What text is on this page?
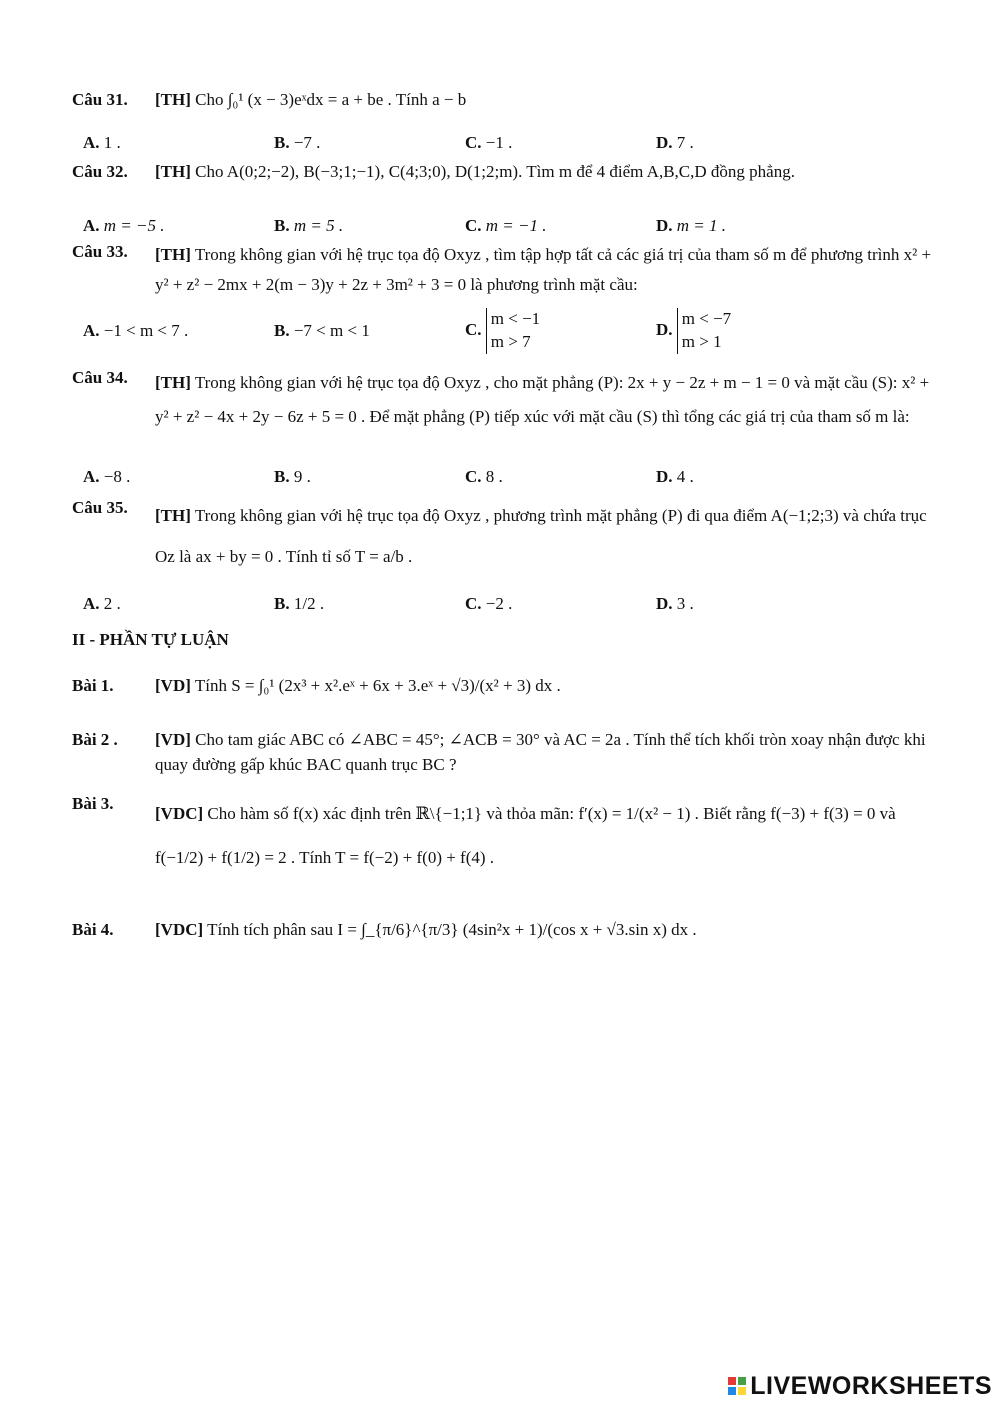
Câu 31. [TH] Cho ∫₀¹ (x − 3)eˣdx = a + be . Tính a − b
A. 1 .	B. −7 .	C. −1 .	D. 7 .
Câu 32. [TH] Cho A(0;2;−2), B(−3;1;−1), C(4;3;0), D(1;2;m). Tìm m để 4 điểm A,B,C,D đồng phẳng.
A. m = −5 .	B. m = 5 .	C. m = −1 .	D. m = 1 .
Câu 33. [TH] Trong không gian với hệ trục tọa độ Oxyz , tìm tập hợp tất cả các giá trị của tham số m để phương trình x² + y² + z² − 2mx + 2(m − 3)y + 2z + 3m² + 3 = 0 là phương trình mặt cầu:
A. −1 < m < 7 .	B. −7 < m < 1	C.
m < −1
m > 7
D.
m < −7
m > 1
Câu 34. [TH] Trong không gian với hệ trục tọa độ Oxyz , cho mặt phẳng (P): 2x + y − 2z + m − 1 = 0 và mặt cầu (S): x² + y² + z² − 4x + 2y − 6z + 5 = 0 . Để mặt phẳng (P) tiếp xúc với mặt cầu (S) thì tổng các giá trị của tham số m là:
A. −8 .	B. 9 .	C. 8 .	D. 4 .
Câu 35. [TH] Trong không gian với hệ trục tọa độ Oxyz , phương trình mặt phẳng (P) đi qua điểm A(−1;2;3) và chứa trục Oz là ax + by = 0 . Tính tỉ số T = a/b .
A. 2 .	B. 1/2 .	C. −2 .	D. 3 .
II - PHẦN TỰ LUẬN
Bài 1. [VD] Tính S = ∫₀¹ (2x³ + x².eˣ + 6x + 3.eˣ + √3)/(x² + 3) dx .
Bài 2 . [VD] Cho tam giác ABC có ∠ABC = 45°; ∠ACB = 30° và AC = 2a . Tính thể tích khối tròn xoay nhận được khi quay đường gấp khúc BAC quanh trục BC ?
Bài 3.
[VDC] Cho hàm số f(x) xác định trên ℝ\{−1;1} và thỏa mãn: f′(x) = 1/(x² − 1) . Biết rằng f(−3) + f(3) = 0 và f(−1/2) + f(1/2) = 2 . Tính T = f(−2) + f(0) + f(4) .
Bài 4. [VDC] Tính tích phân sau I = ∫_{π/6}^{π/3} (4sin²x + 1)/(cos x + √3.sin x) dx .
LIVEWORKSHEETS
